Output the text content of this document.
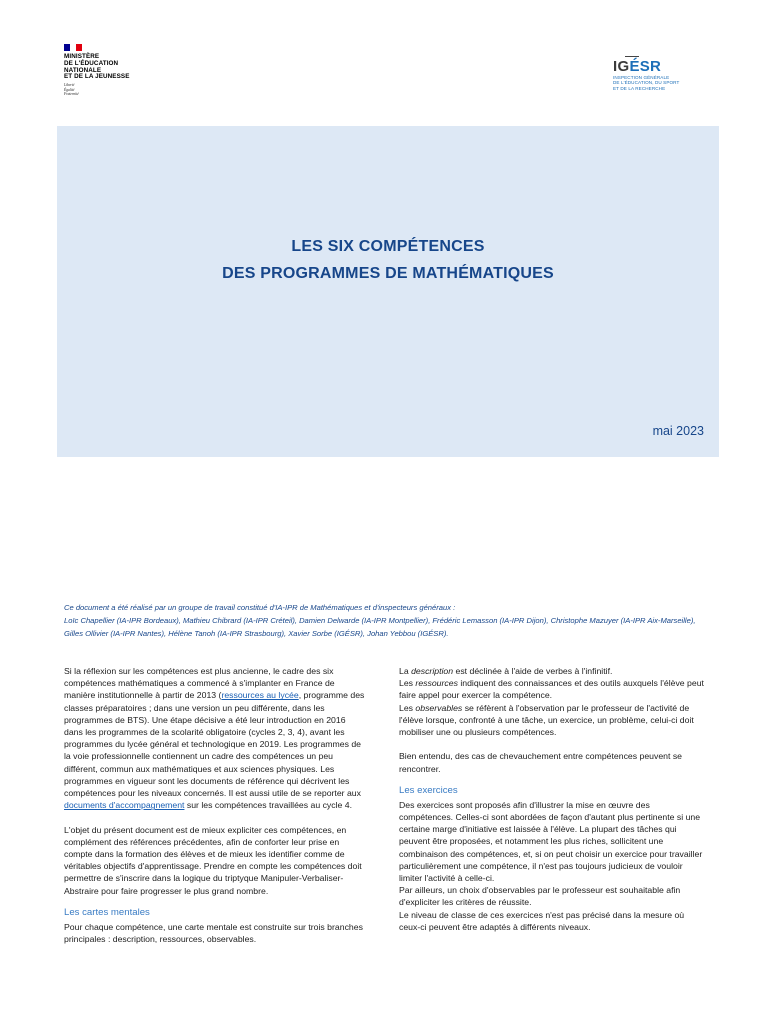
MINISTÈRE
DE L'ÉDUCATION
NATIONALE
ET DE LA JEUNESSE
Liberté
Égalité
Fraternité
IGÉSR
INSPECTION GÉNÉRALE
DE L'ÉDUCATION, DU SPORT
ET DE LA RECHERCHE
LES SIX COMPÉTENCES
DES PROGRAMMES DE MATHÉMATIQUES
mai 2023

Ce document a été réalisé par un groupe de travail constitué d'IA-IPR de Mathématiques et d'inspecteurs généraux :

Loïc Chapellier (IA-IPR Bordeaux), Mathieu Chibrard (IA-IPR Créteil), Damien Delwarde (IA-IPR Montpellier), Frédéric Lemasson (IA-IPR Dijon), Christophe Mazuyer (IA-IPR Aix-Marseille), Gilles Ollivier (IA-IPR Nantes), Hélène Tanoh (IA-IPR Strasbourg), Xavier Sorbe (IGÉSR), Johan Yebbou (IGÉSR).

Si la réflexion sur les compétences est plus ancienne, le cadre des six compétences mathématiques a commencé à s'implanter en France de manière institutionnelle à partir de 2013 (ressources au lycée, programme des classes préparatoires ; dans une version un peu différente, dans les programmes de BTS). Une étape décisive a été leur introduction en 2016 dans les programmes de la scolarité obligatoire (cycles 2, 3, 4), avant les programmes du lycée général et technologique en 2019. Les programmes de la voie professionnelle contiennent un cadre des compétences un peu différent, commun aux mathématiques et aux sciences physiques. Les programmes en vigueur sont les documents de référence qui décrivent les compétences pour les niveaux concernés. Il est aussi utile de se reporter aux documents d'accompagnement sur les compétences travaillées au cycle 4.

L'objet du présent document est de mieux expliciter ces compétences, en complément des références précédentes, afin de conforter leur prise en compte dans la formation des élèves et de mieux les identifier comme de véritables objectifs d'apprentissage. Prendre en compte les compétences doit permettre de s'inscrire dans la logique du triptyque Manipuler-Verbaliser-Abstraire pour faire progresser le plus grand nombre.

Les cartes mentales

Pour chaque compétence, une carte mentale est construite sur trois branches principales : description, ressources, observables.

La description est déclinée à l'aide de verbes à l'infinitif.

Les ressources indiquent des connaissances et des outils auxquels l'élève peut faire appel pour exercer la compétence.

Les observables se réfèrent à l'observation par le professeur de l'activité de l'élève lorsque, confronté à une tâche, un exercice, un problème, celui-ci doit mobiliser une ou plusieurs compétences.

Bien entendu, des cas de chevauchement entre compétences peuvent se rencontrer.

Les exercices

Des exercices sont proposés afin d'illustrer la mise en œuvre des compétences. Celles-ci sont abordées de façon d'autant plus pertinente si une certaine marge d'initiative est laissée à l'élève. La plupart des tâches qui peuvent être proposées, et notamment les plus riches, sollicitent une combinaison des compétences, et, si on peut choisir un exercice pour travailler particulièrement une compétence, il n'est pas toujours judicieux de vouloir limiter l'activité à celle-ci.

Par ailleurs, un choix d'observables par le professeur est souhaitable afin d'expliciter les critères de réussite.

Le niveau de classe de ces exercices n'est pas précisé dans la mesure où ceux-ci peuvent être adaptés à différents niveaux.
